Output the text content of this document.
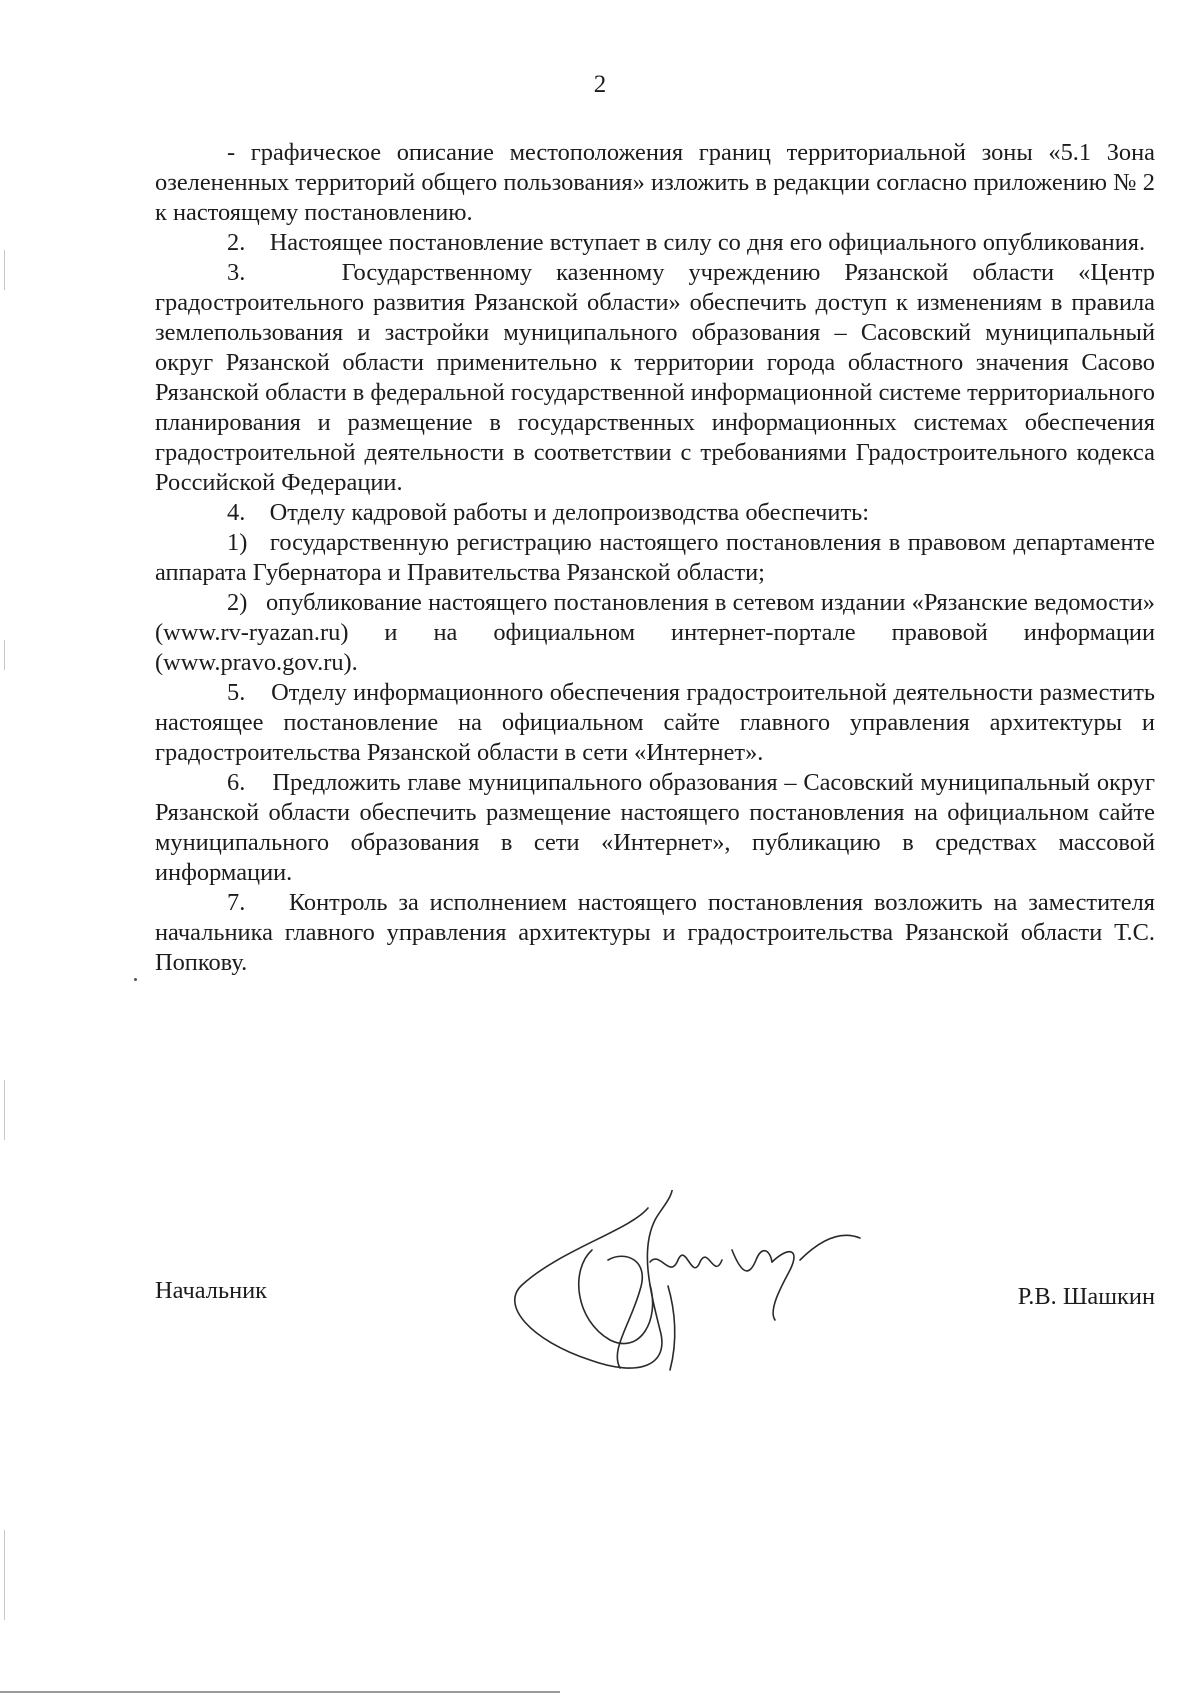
2

- графическое описание местоположения границ территориальной зоны «5.1 Зона озелененных территорий общего пользования» изложить в редакции согласно приложению № 2 к настоящему постановлению.

2.    Настоящее постановление вступает в силу со дня его официального опубликования.

3.    Государственному казенному учреждению Рязанской области «Центр градостроительного развития Рязанской области» обеспечить доступ к изменениям в правила землепользования и застройки муниципального образования – Сасовский муниципальный округ Рязанской области применительно к территории города областного значения Сасово Рязанской области в федеральной государственной информационной системе территориального планирования и размещение в государственных информационных системах обеспечения градостроительной деятельности в соответствии с требованиями Градостроительного кодекса Российской Федерации.

4.    Отделу кадровой работы и делопроизводства обеспечить:

1)   государственную регистрацию настоящего постановления в правовом департаменте аппарата Губернатора и Правительства Рязанской области;

2)   опубликование настоящего постановления в сетевом издании «Рязанские ведомости» (www.rv-ryazan.ru) и на официальном интернет-портале правовой информации (www.pravo.gov.ru).

5.    Отделу информационного обеспечения градостроительной деятельности разместить настоящее постановление на официальном сайте главного управления архитектуры и градостроительства Рязанской области в сети «Интернет».

6.    Предложить главе муниципального образования – Сасовский муниципальный округ Рязанской области обеспечить размещение настоящего постановления на официальном сайте муниципального образования в сети «Интернет», публикацию в средствах массовой информации.

7.    Контроль за исполнением настоящего постановления возложить на заместителя начальника главного управления архитектуры и градостроительства Рязанской области Т.С. Попкову.

Начальник	Р.В. Шашкин
